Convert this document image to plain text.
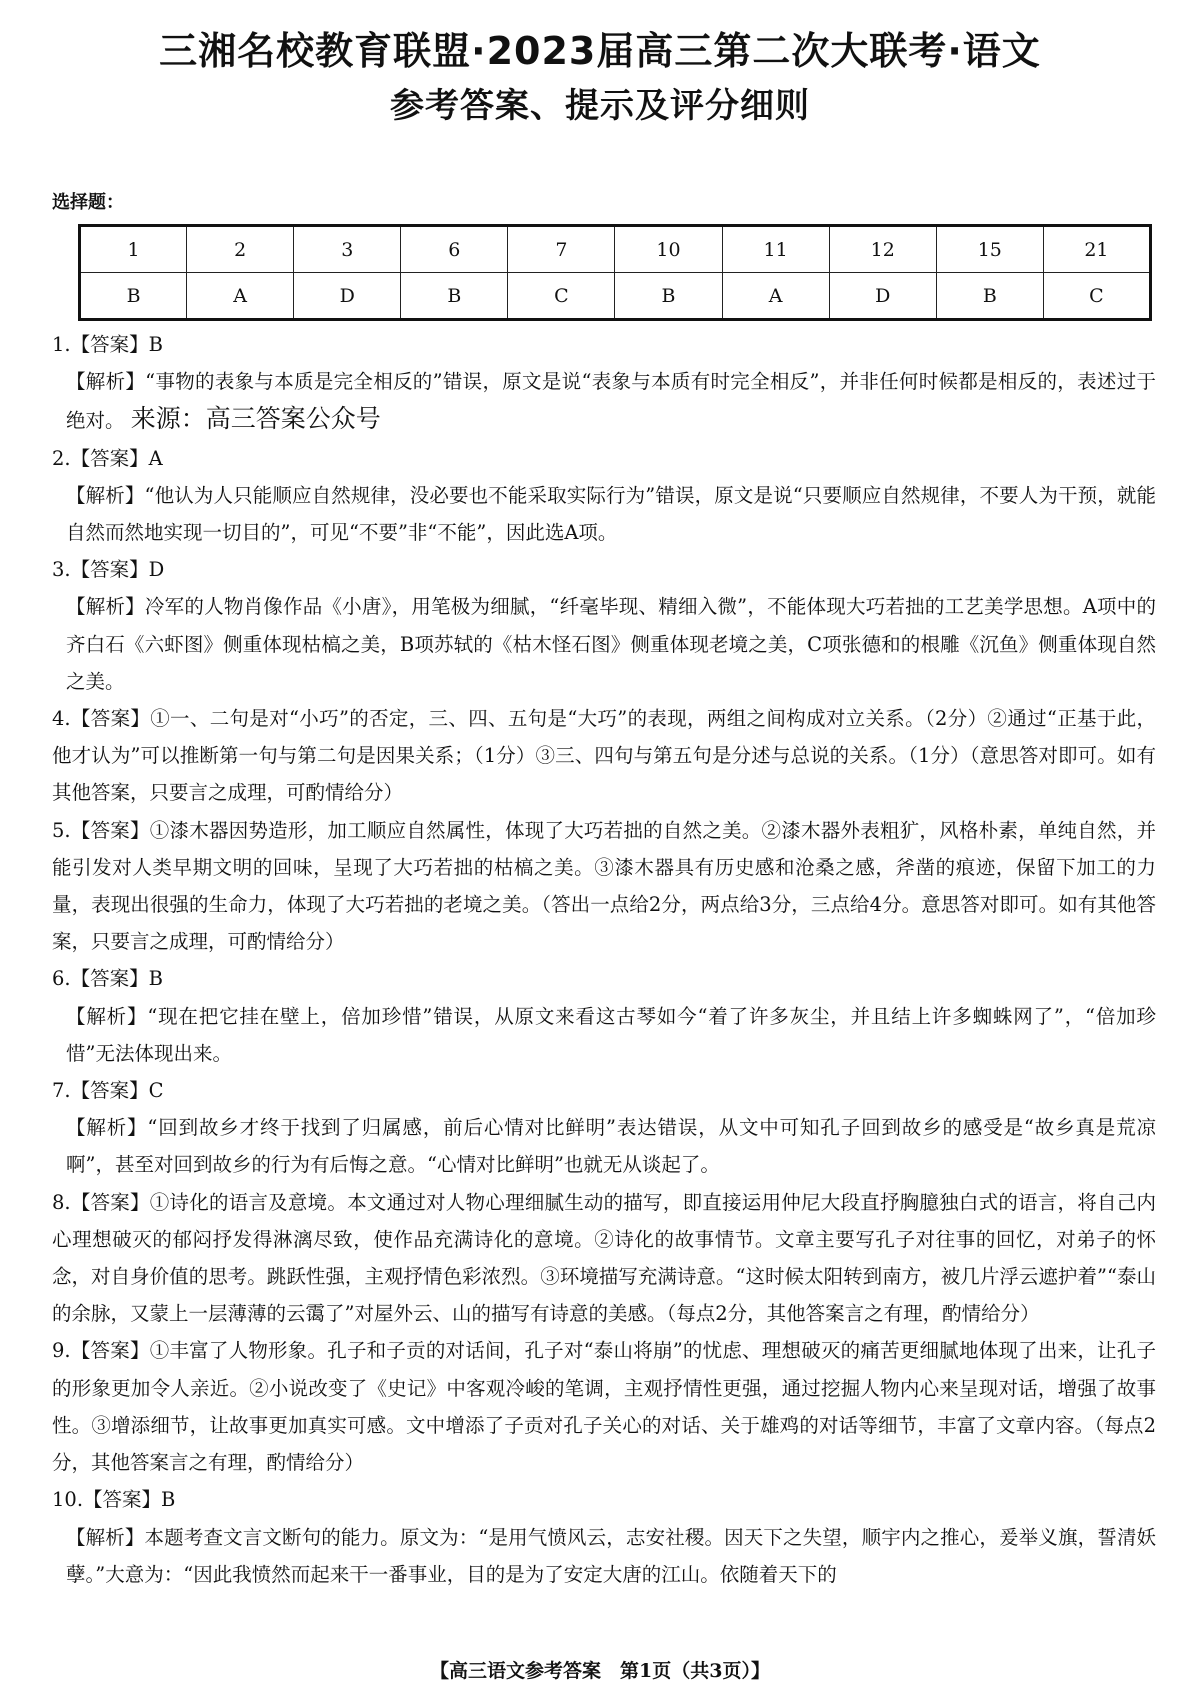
三湘名校教育联盟·2023届高三第二次大联考·语文
参考答案、提示及评分细则
选择题：
1	2	3	6	7	10	11	12	15	21
B	A	D	B	C	B	A	D	B	C

1.【答案】B

【解析】“事物的表象与本质是完全相反的”错误，原文是说“表象与本质有时完全相反”，并非任何时候都是相反的，表述过于绝对。 来源：高三答案公众号

2.【答案】A

【解析】“他认为人只能顺应自然规律，没必要也不能采取实际行为”错误，原文是说“只要顺应自然规律，不要人为干预，就能自然而然地实现一切目的”，可见“不要”非“不能”，因此选A项。

3.【答案】D

【解析】冷军的人物肖像作品《小唐》，用笔极为细腻，“纤毫毕现、精细入微”，不能体现大巧若拙的工艺美学思想。A项中的齐白石《六虾图》侧重体现枯槁之美，B项苏轼的《枯木怪石图》侧重体现老境之美，C项张德和的根雕《沉鱼》侧重体现自然之美。

4.【答案】①一、二句是对“小巧”的否定，三、四、五句是“大巧”的表现，两组之间构成对立关系。（2分）②通过“正基于此，他才认为”可以推断第一句与第二句是因果关系；（1分）③三、四句与第五句是分述与总说的关系。（1分）（意思答对即可。如有其他答案，只要言之成理，可酌情给分）

5.【答案】①漆木器因势造形，加工顺应自然属性，体现了大巧若拙的自然之美。②漆木器外表粗犷，风格朴素，单纯自然，并能引发对人类早期文明的回味，呈现了大巧若拙的枯槁之美。③漆木器具有历史感和沧桑之感，斧凿的痕迹，保留下加工的力量，表现出很强的生命力，体现了大巧若拙的老境之美。（答出一点给2分，两点给3分，三点给4分。意思答对即可。如有其他答案，只要言之成理，可酌情给分）

6.【答案】B

【解析】“现在把它挂在壁上，倍加珍惜”错误，从原文来看这古琴如今“着了许多灰尘，并且结上许多蜘蛛网了”，“倍加珍惜”无法体现出来。

7.【答案】C

【解析】“回到故乡才终于找到了归属感，前后心情对比鲜明”表达错误，从文中可知孔子回到故乡的感受是“故乡真是荒凉啊”，甚至对回到故乡的行为有后悔之意。“心情对比鲜明”也就无从谈起了。

8.【答案】①诗化的语言及意境。本文通过对人物心理细腻生动的描写，即直接运用仲尼大段直抒胸臆独白式的语言，将自己内心理想破灭的郁闷抒发得淋漓尽致，使作品充满诗化的意境。②诗化的故事情节。文章主要写孔子对往事的回忆，对弟子的怀念，对自身价值的思考。跳跃性强，主观抒情色彩浓烈。③环境描写充满诗意。“这时候太阳转到南方，被几片浮云遮护着”“泰山的余脉，又蒙上一层薄薄的云霭了”对屋外云、山的描写有诗意的美感。（每点2分，其他答案言之有理，酌情给分）

9.【答案】①丰富了人物形象。孔子和子贡的对话间，孔子对“泰山将崩”的忧虑、理想破灭的痛苦更细腻地体现了出来，让孔子的形象更加令人亲近。②小说改变了《史记》中客观冷峻的笔调，主观抒情性更强，通过挖掘人物内心来呈现对话，增强了故事性。③增添细节，让故事更加真实可感。文中增添了子贡对孔子关心的对话、关于雄鸡的对话等细节，丰富了文章内容。（每点2分，其他答案言之有理，酌情给分）

10.【答案】B

【解析】本题考查文言文断句的能力。原文为：“是用气愤风云，志安社稷。因天下之失望，顺宇内之推心，爰举义旗，誓清妖孽。”大意为：“因此我愤然而起来干一番事业，目的是为了安定大唐的江山。依随着天下的

【高三语文参考答案　第1页（共3页）】
